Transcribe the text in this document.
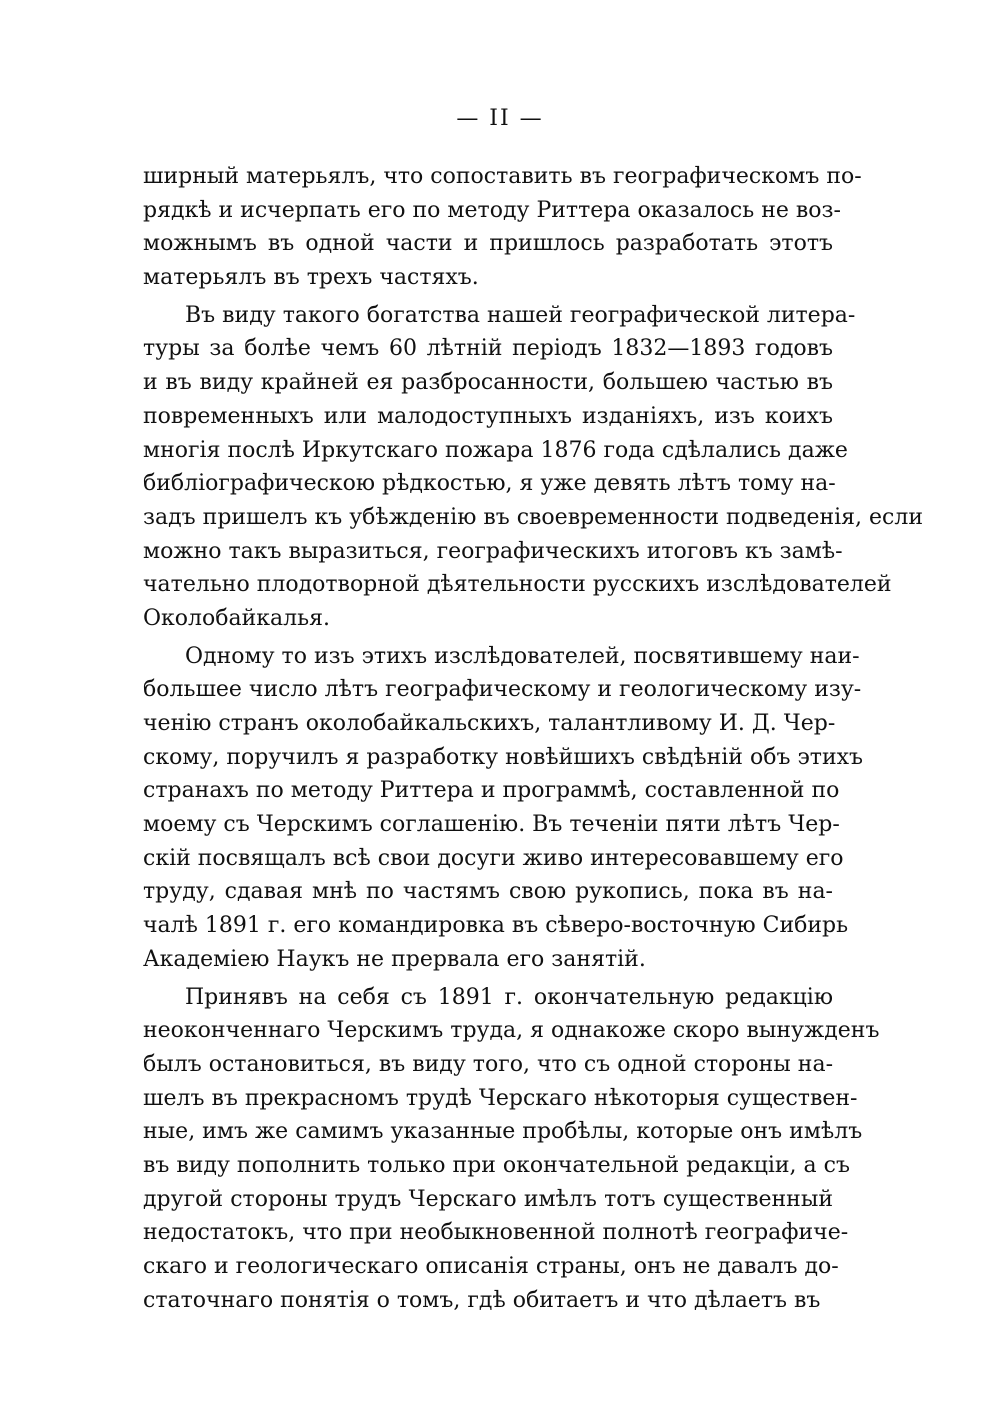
— II —
ширный матерьялъ, что сопоставить въ географическомъ по-
рядкѣ и исчерпать его по методу Риттера оказалось не воз-
можнымъ въ одной части и пришлось разработать этотъ
матерьялъ въ трехъ частяхъ.
Въ виду такого богатства нашей географической литера-
туры за болѣе чемъ 60 лѣтній періодъ 1832—1893 годовъ
и въ виду крайней ея разбросанности, большею частью въ
повременныхъ или малодоступныхъ изданіяхъ, изъ коихъ
многія послѣ Иркутскаго пожара 1876 года сдѣлались даже
библіографическою рѣдкостью, я уже девять лѣтъ тому на-
задъ пришелъ къ убѣжденію въ своевременности подведенія, если
можно такъ выразиться, географическихъ итоговъ къ замѣ-
чательно плодотворной дѣятельности русскихъ изслѣдователей
Околобайкалья.
Одному то изъ этихъ изслѣдователей, посвятившему наи-
большее число лѣтъ географическому и геологическому изу-
ченію странъ околобайкальскихъ, талантливому И. Д. Чер-
скому, поручилъ я разработку новѣйшихъ свѣдѣній объ этихъ
странахъ по методу Риттера и программѣ, составленной по
моему съ Черскимъ соглашенію. Въ теченіи пяти лѣтъ Чер-
скій посвящалъ всѣ свои досуги живо интересовавшему его
труду, сдавая мнѣ по частямъ свою рукопись, пока въ на-
чалѣ 1891 г. его командировка въ сѣверо-восточную Сибирь
Академіею Наукъ не прервала его занятій.
Принявъ на себя съ 1891 г. окончательную редакцію
неоконченнаго Черскимъ труда, я однакоже скоро вынужденъ
былъ остановиться, въ виду того, что съ одной стороны на-
шелъ въ прекрасномъ трудѣ Черскаго нѣкоторыя существен-
ные, имъ же самимъ указанные пробѣлы, которые онъ имѣлъ
въ виду пополнить только при окончательной редакціи, а съ
другой стороны трудъ Черскаго имѣлъ тотъ существенный
недостатокъ, что при необыкновенной полнотѣ географиче-
скаго и геологическаго описанія страны, онъ не давалъ до-
статочнаго понятія о томъ, гдѣ обитаетъ и что дѣлаетъ въ
